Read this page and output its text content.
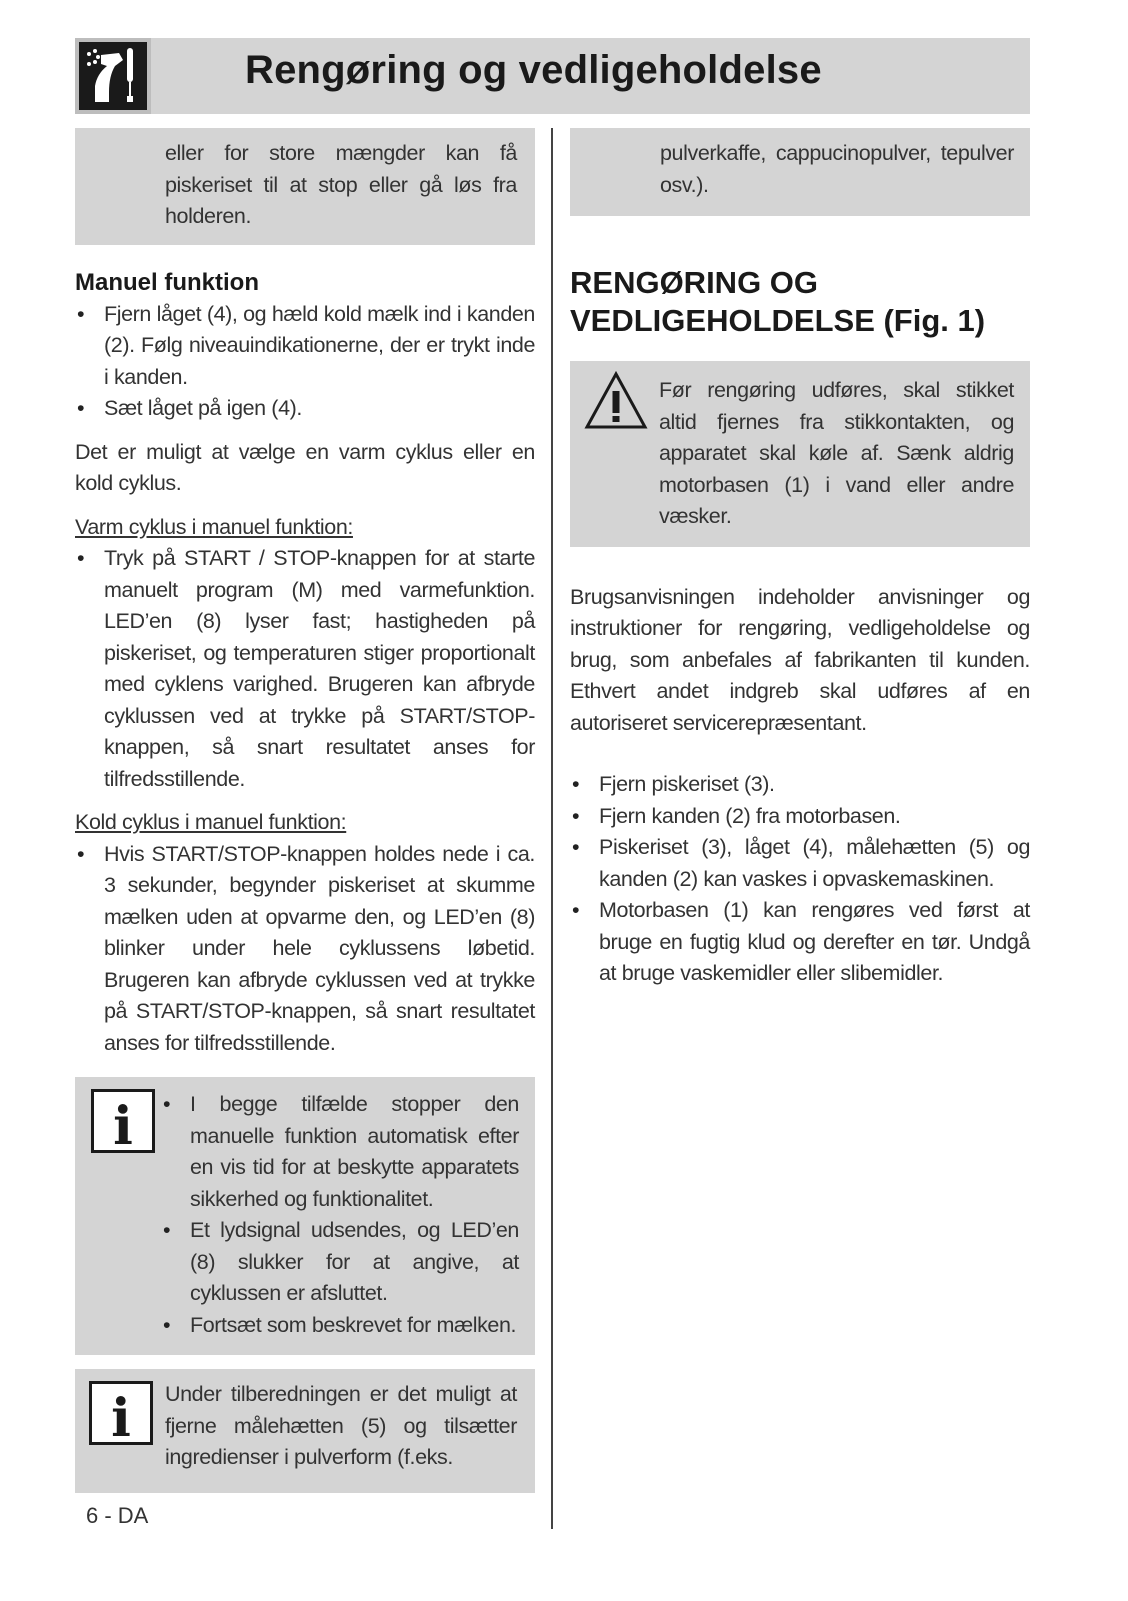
Rengøring og vedligeholdelse

eller for store mængder kan få piskeriset til at stop eller gå løs fra holderen.

Manuel funktion
• Fjern låget (4), og hæld kold mælk ind i kanden (2). Følg niveauindikationerne, der er trykt inde i kanden.
• Sæt låget på igen (4).

Det er muligt at vælge en varm cyklus eller en kold cyklus.

Varm cyklus i manuel funktion:
• Tryk på START / STOP-knappen for at starte manuelt program (M) med varmefunktion. LED’en (8) lyser fast; hastigheden på piskeriset, og temperaturen stiger proportionalt med cyklens varighed. Brugeren kan afbryde cyklussen ved at trykke på START/STOP-knappen, så snart resultatet anses for tilfredsstillende.
Kold cyklus i manuel funktion:
• Hvis START/STOP-knappen holdes nede i ca. 3 sekunder, begynder piskeriset at skumme mælken uden at opvarme den, og LED’en (8) blinker under hele cyklussens løbetid. Brugeren kan afbryde cyklussen ved at trykke på START/STOP-knappen, så snart resultatet anses for tilfredsstillende.
i	• I begge tilfælde stopper den manuelle funktion automatisk efter en vis tid for at beskytte apparatets sikkerhed og funktionalitet.
• Et lydsignal udsendes, og LED’en (8) slukker for at angive, at cyklussen er afsluttet.
• Fortsæt som beskrevet for mælken.
i Under tilberedningen er det muligt at fjerne målehætten (5) og tilsætter ingredienser i pulverform (f.eks.

6 - DA

pulverkaffe, cappucinopulver, tepulver osv.).

RENGØRING OG
VEDLIGEHOLDELSE (Fig. 1)

Før rengøring udføres, skal stikket altid fjernes fra stikkontakten, og apparatet skal køle af. Sænk aldrig motorbasen (1) i vand eller andre væsker.

Brugsanvisningen indeholder anvisninger og instruktioner for rengøring, vedligeholdelse og brug, som anbefales af fabrikanten til kunden. Ethvert andet indgreb skal udføres af en autoriseret servicerepræsentant.

• Fjern piskeriset (3).
• Fjern kanden (2) fra motorbasen.
• Piskeriset (3), låget (4), målehætten (5) og kanden (2) kan vaskes i opvaskemaskinen.
• Motorbasen (1) kan rengøres ved først at bruge en fugtig klud og derefter en tør. Undgå at bruge vaskemidler eller slibemidler.
